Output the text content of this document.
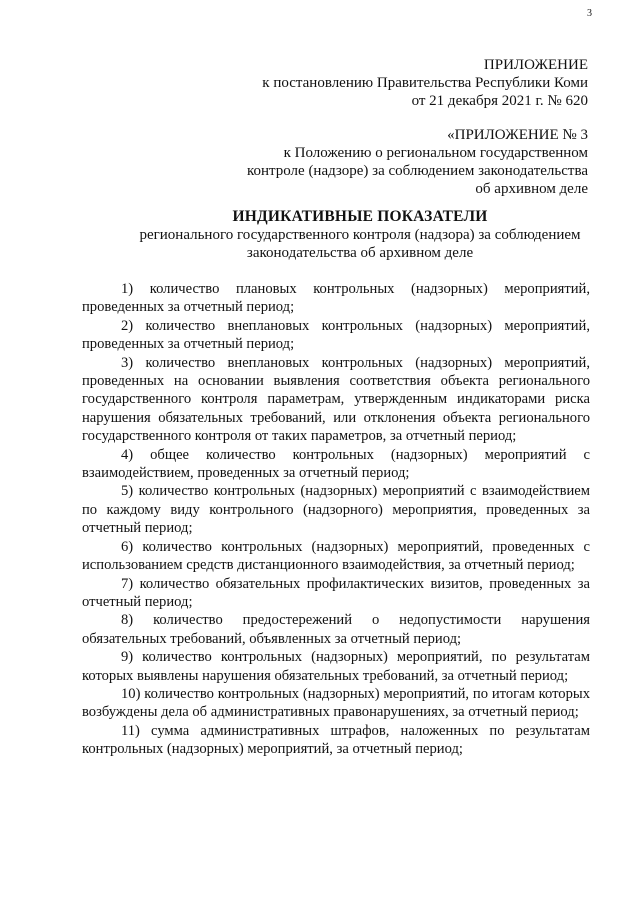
3
ПРИЛОЖЕНИЕ
к постановлению Правительства Республики Коми
от 21 декабря 2021 г. № 620
«ПРИЛОЖЕНИЕ № 3
к Положению о региональном государственном
контроле (надзоре) за соблюдением законодательства
об архивном деле
ИНДИКАТИВНЫЕ ПОКАЗАТЕЛИ
регионального государственного контроля (надзора) за соблюдением
законодательства об архивном деле

1) количество плановых контрольных (надзорных) мероприятий, проведенных за отчетный период;

2) количество внеплановых контрольных (надзорных) мероприятий, проведенных за отчетный период;

3) количество внеплановых контрольных (надзорных) мероприятий, проведенных на основании выявления соответствия объекта регионального государственного контроля параметрам, утвержденным индикаторами риска нарушения обязательных требований, или отклонения объекта регионального государственного контроля от таких параметров, за отчетный период;

4) общее количество контрольных (надзорных) мероприятий с взаимодействием, проведенных за отчетный период;

5) количество контрольных (надзорных) мероприятий с взаимодействием по каждому виду контрольного (надзорного) мероприятия, проведенных за отчетный период;

6) количество контрольных (надзорных) мероприятий, проведенных с использованием средств дистанционного взаимодействия, за отчетный период;

7) количество обязательных профилактических визитов, проведенных за отчетный период;

8) количество предостережений о недопустимости нарушения обязательных требований, объявленных за отчетный период;

9) количество контрольных (надзорных) мероприятий, по результатам которых выявлены нарушения обязательных требований, за отчетный период;

10) количество контрольных (надзорных) мероприятий, по итогам которых возбуждены дела об административных правонарушениях, за отчетный период;

11) сумма административных штрафов, наложенных по результатам контрольных (надзорных) мероприятий, за отчетный период;
